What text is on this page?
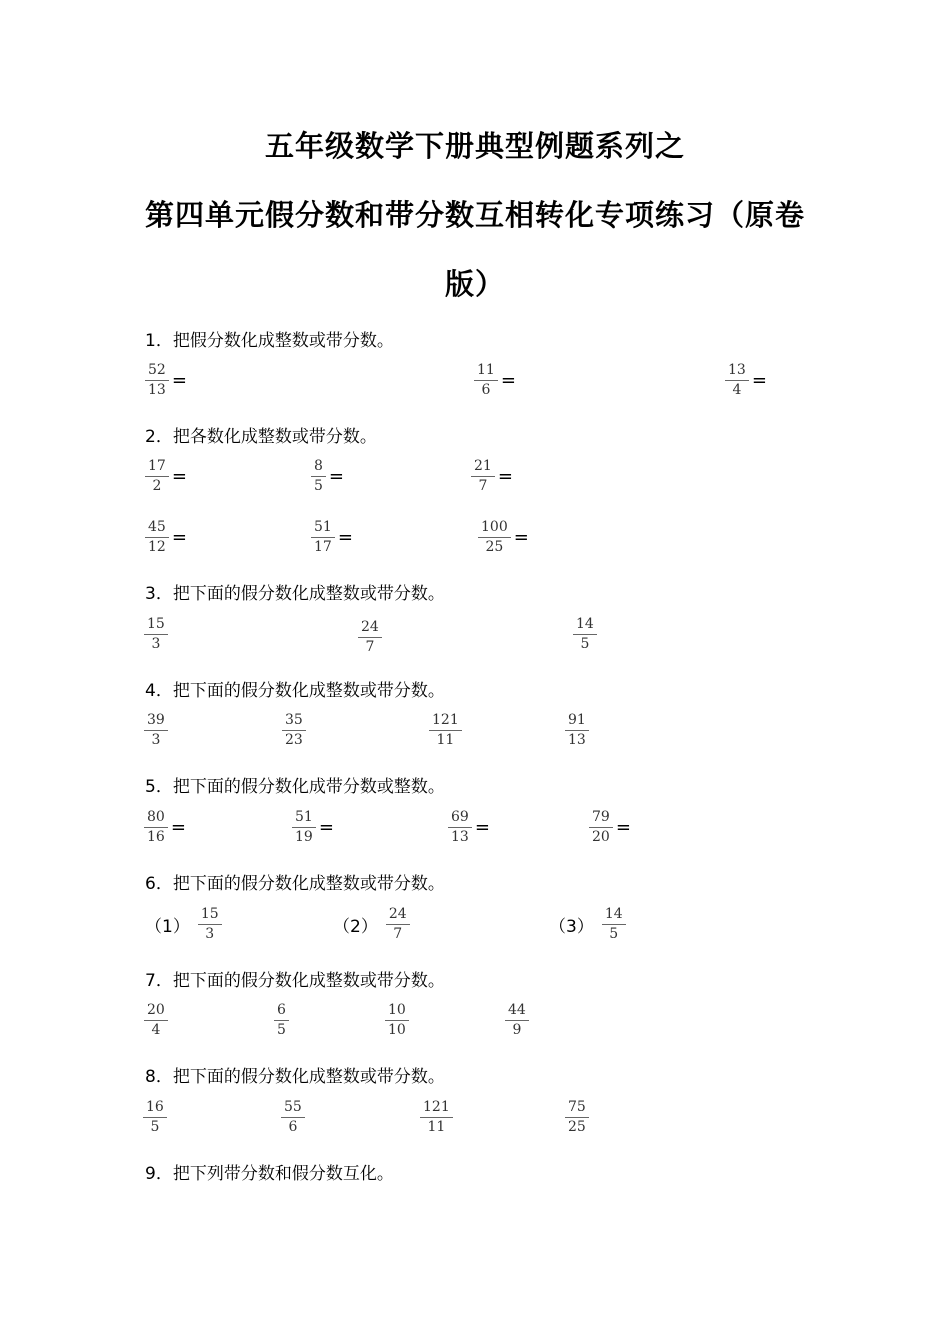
五年级数学下册典型例题系列之
第四单元假分数和带分数互相转化专项练习（原卷
版）
1．把假分数化成整数或带分数。
$\frac{52}{13}$ =	$\frac{11}{6}$ =	$\frac{13}{4}$ =
2．把各数化成整数或带分数。
$\frac{17}{2}$ =	$\frac{8}{5}$ =	$\frac{21}{7}$ =
$\frac{45}{12}$ =	$\frac{51}{17}$ =	$\frac{100}{25}$ =
3．把下面的假分数化成整数或带分数。
$\frac{15}{3}$	$\frac{24}{7}$	$\frac{14}{5}$
4．把下面的假分数化成整数或带分数。
$\frac{39}{3}$	$\frac{35}{23}$	$\frac{121}{11}$	$\frac{91}{13}$
5．把下面的假分数化成带分数或整数。
$\frac{80}{16}$ =	$\frac{51}{19}$ =	$\frac{69}{13}$ =	$\frac{79}{20}$ =
6．把下面的假分数化成整数或带分数。
$(1) \frac{15}{3}$	$(2) \frac{24}{7}$	$(3) \frac{14}{5}$
7．把下面的假分数化成整数或带分数。
$\frac{20}{4}$	$\frac{6}{5}$	$\frac{10}{10}$	$\frac{44}{9}$
8．把下面的假分数化成整数或带分数。
$\frac{16}{5}$	$\frac{55}{6}$	$\frac{121}{11}$	$\frac{75}{25}$
9．把下列带分数和假分数互化。
